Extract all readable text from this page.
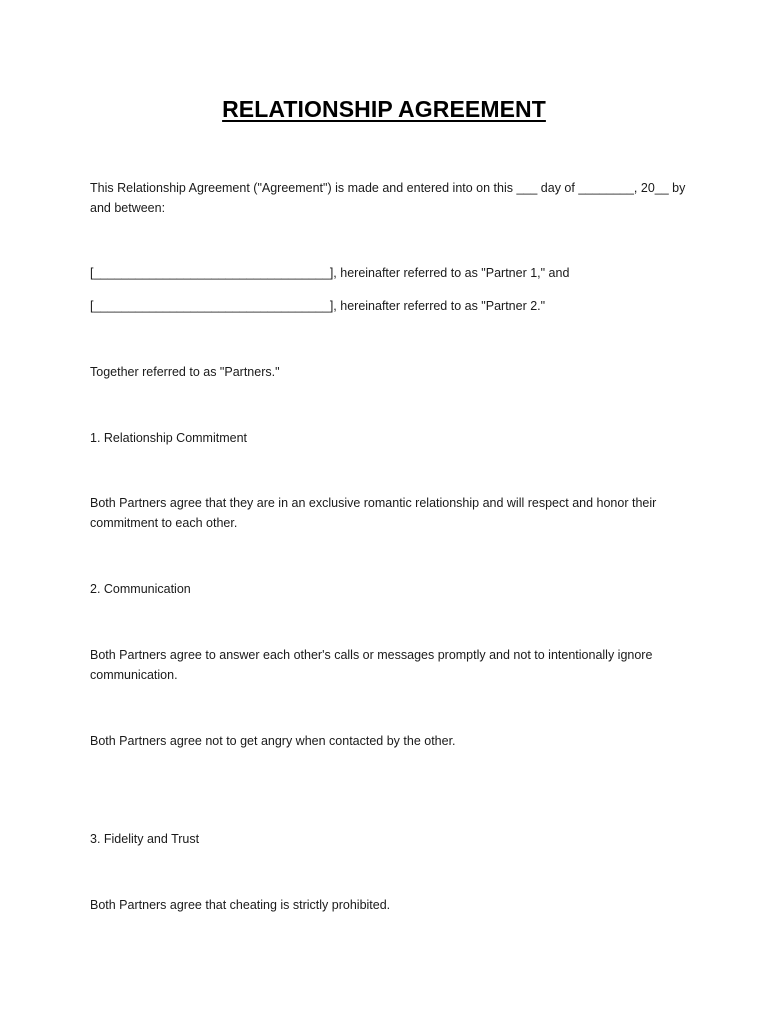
RELATIONSHIP AGREEMENT

This Relationship Agreement ("Agreement") is made and entered into on this ___ day of ________, 20__ by and between:

[__________________________________], hereinafter referred to as "Partner 1," and

[__________________________________], hereinafter referred to as "Partner 2."

Together referred to as "Partners."

1. Relationship Commitment

Both Partners agree that they are in an exclusive romantic relationship and will respect and honor their commitment to each other.

2. Communication

Both Partners agree to answer each other's calls or messages promptly and not to intentionally ignore communication.

Both Partners agree not to get angry when contacted by the other.

3. Fidelity and Trust

Both Partners agree that cheating is strictly prohibited.
